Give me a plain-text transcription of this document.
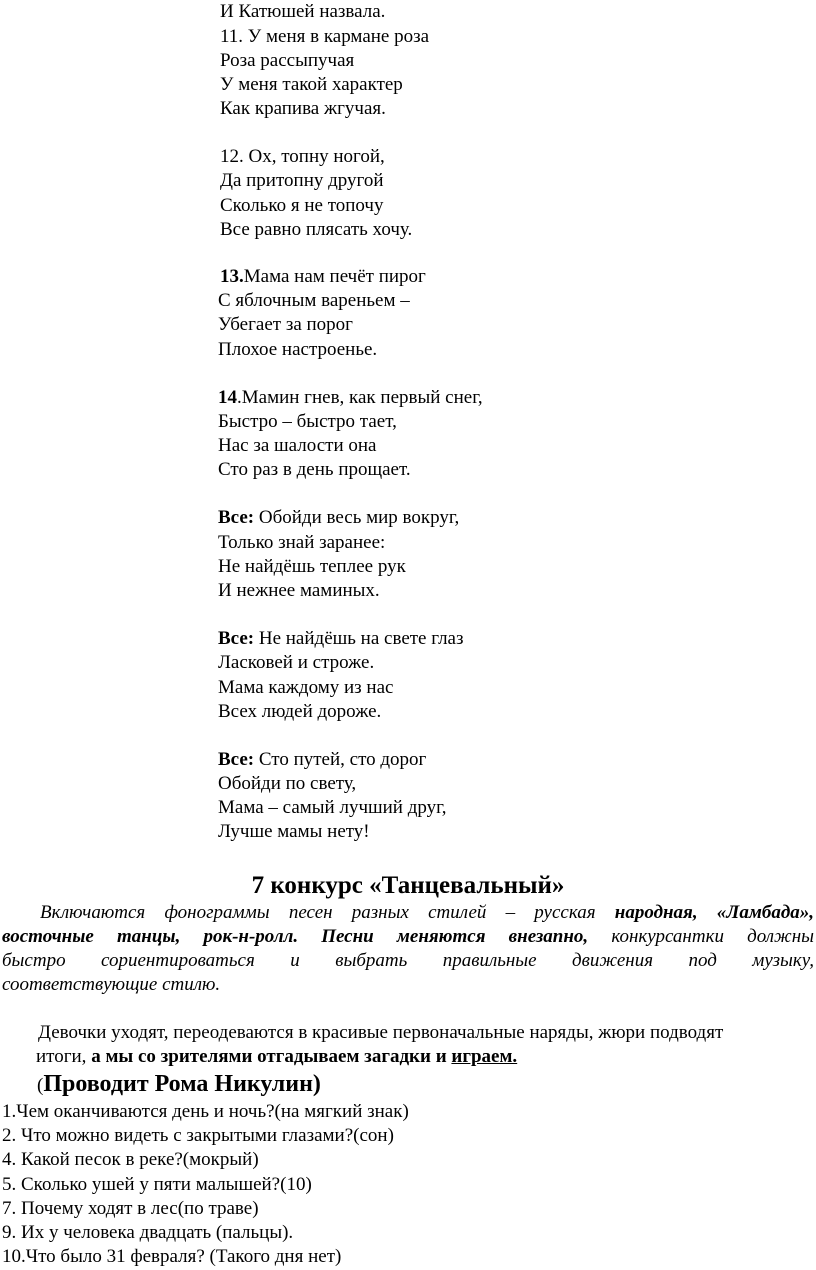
И Катюшей назвала.
11. У меня в кармане роза
Роза рассыпучая
У меня такой характер
Как крапива жгучая.
12. Ох, топну ногой,
Да притопну другой
Сколько я не топочу
Все равно плясать хочу.
13.Мама нам печёт пирог
С яблочным вареньем –
Убегает за порог
Плохое настроенье.
14.Мамин гнев, как первый снег,
Быстро – быстро тает,
Нас за шалости она
Сто раз в день прощает.
Все: Обойди весь мир вокруг,
Только знай заранее:
Не найдёшь теплее рук
И нежнее маминых.
Все: Не найдёшь на свете глаз
Ласковей и строже.
Мама каждому из нас
Всех людей дороже.
Все: Сто путей, сто дорог
Обойди по свету,
Мама – самый лучший друг,
Лучше мамы нету!
7 конкурс «Танцевальный»
Включаются фонограммы песен разных стилей – русская народная, «Ламбада»,
восточные танцы, рок-н-ролл. Песни меняются внезапно, конкурсантки должны
быстро сориентироваться и выбрать правильные движения под музыку,
соответствующие стилю.
Девочки уходят, переодеваются в красивые первоначальные наряды, жюри подводят
итоги, а мы со зрителями отгадываем загадки и играем.
(Проводит Рома Никулин)
1.Чем оканчиваются день и ночь?(на мягкий знак)
2. Что можно видеть с закрытыми глазами?(сон)
4. Какой песок в реке?(мокрый)
5. Сколько ушей у пяти малышей?(10)
7. Почему ходят в лес(по траве)
9. Их у человека двадцать (пальцы).
10.Что было 31 февраля? (Такого дня нет)
